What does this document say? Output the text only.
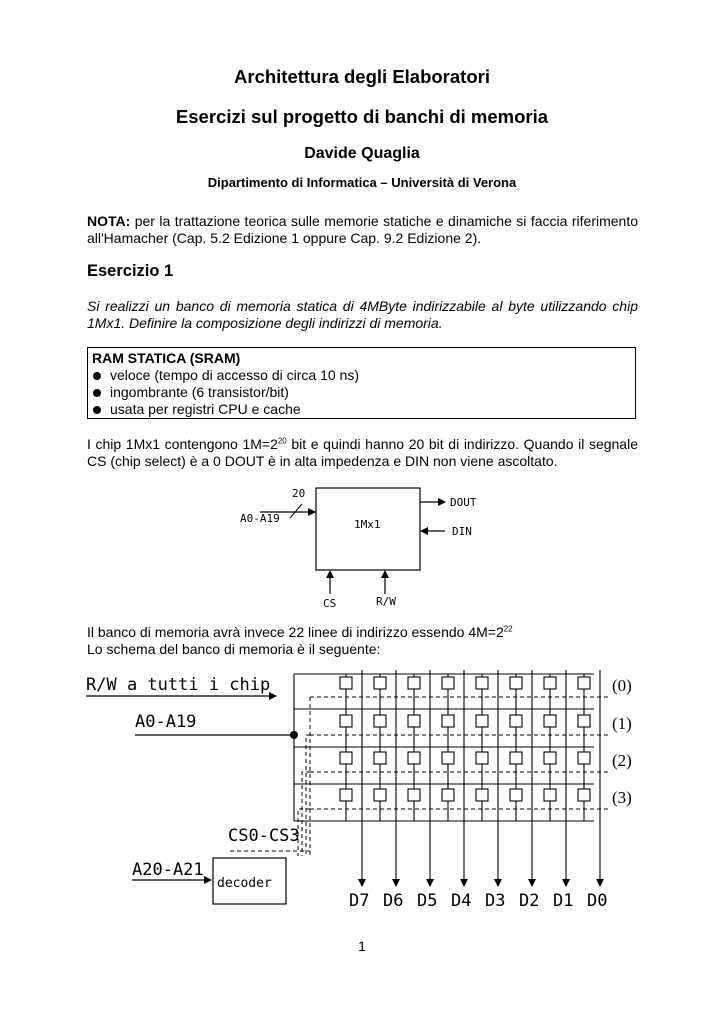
Architettura degli Elaboratori
Esercizi sul progetto di banchi di memoria
Davide Quaglia
Dipartimento di Informatica – Università di Verona
NOTA: per la trattazione teorica sulle memorie statiche e dinamiche si faccia riferimento all'Hamacher (Cap. 5.2 Edizione 1 oppure Cap. 9.2 Edizione 2).
Esercizio 1
Si realizzi un banco di memoria statica di 4MByte indirizzabile al byte utilizzando chip 1Mx1. Definire la composizione degli indirizzi di memoria.
RAM STATICA (SRAM)
veloce (tempo di accesso di circa 10 ns)
ingombrante (6 transistor/bit)
usata per registri CPU e cache
I chip 1Mx1 contengono $1M=2^{20}$ bit e quindi hanno 20 bit di indirizzo. Quando il segnale CS (chip select) è a 0 DOUT è in alta impedenza e DIN non viene ascoltato.
20
A0-A19	1Mx1
DOUT
DIN
CS	R/W
Il banco di memoria avrà invece 22 linee di indirizzo essendo $4M=2^{22}$
Lo schema del banco di memoria è il seguente:
R/W a tutti i chip
A0-A19
CS0-CS3
A20-A21
decoder
(0)
(1)
(2)
(3)
D7 D6 D5 D4 D3 D2 D1 D0
1
